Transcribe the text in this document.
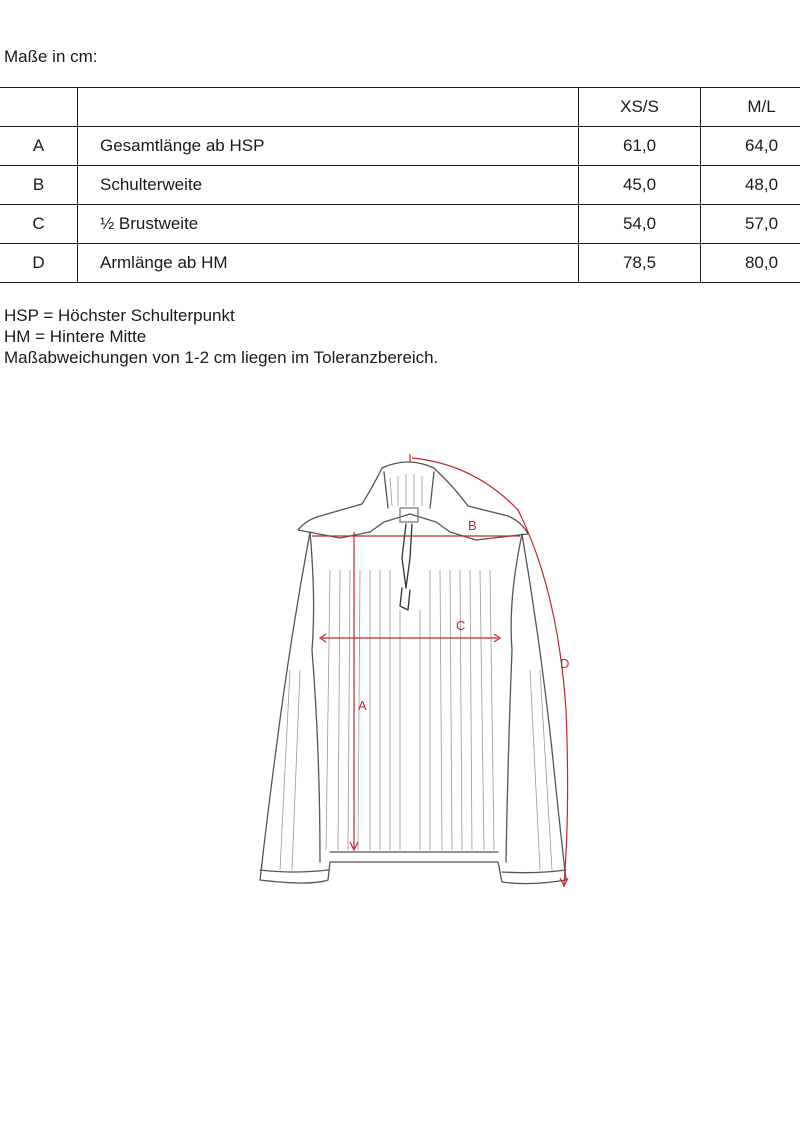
Maße in cm:
		XS/S	M/L
A	Gesamtlänge ab HSP	61,0	64,0
B	Schulterweite	45,0	48,0
C	½ Brustweite	54,0	57,0
D	Armlänge ab HM	78,5	80,0
HSP = Höchster Schulterpunkt
HM = Hintere Mitte
Maßabweichungen von 1-2 cm liegen im Toleranzbereich.
B
C
A
D
